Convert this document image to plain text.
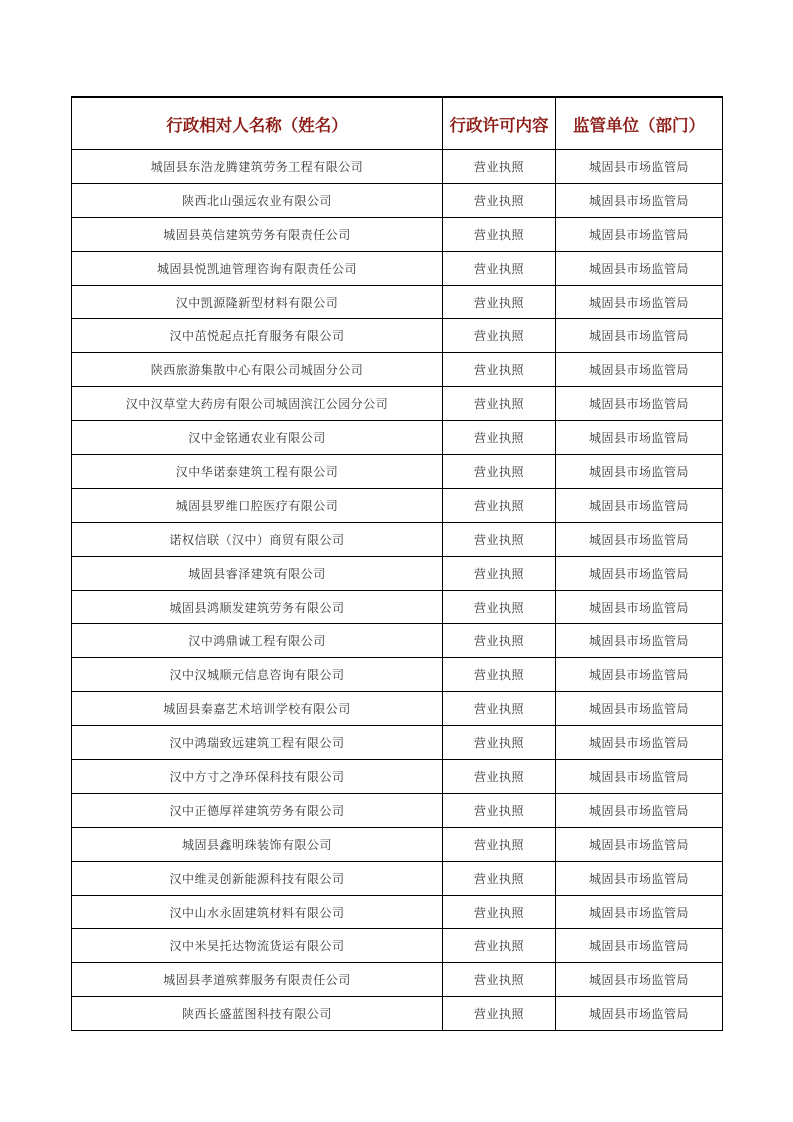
行政相对人名称（姓名）	行政许可内容	监管单位（部门）
城固县东浩龙腾建筑劳务工程有限公司	营业执照	城固县市场监管局
陕西北山强远农业有限公司	营业执照	城固县市场监管局
城固县英信建筑劳务有限责任公司	营业执照	城固县市场监管局
城固县悦凯迪管理咨询有限责任公司	营业执照	城固县市场监管局
汉中凯源隆新型材料有限公司	营业执照	城固县市场监管局
汉中茁悦起点托育服务有限公司	营业执照	城固县市场监管局
陕西旅游集散中心有限公司城固分公司	营业执照	城固县市场监管局
汉中汉草堂大药房有限公司城固滨江公园分公司	营业执照	城固县市场监管局
汉中金铭通农业有限公司	营业执照	城固县市场监管局
汉中华诺泰建筑工程有限公司	营业执照	城固县市场监管局
城固县罗维口腔医疗有限公司	营业执照	城固县市场监管局
诺权信联（汉中）商贸有限公司	营业执照	城固县市场监管局
城固县睿泽建筑有限公司	营业执照	城固县市场监管局
城固县鸿顺发建筑劳务有限公司	营业执照	城固县市场监管局
汉中鸿鼎诚工程有限公司	营业执照	城固县市场监管局
汉中汉城顺元信息咨询有限公司	营业执照	城固县市场监管局
城固县秦嘉艺术培训学校有限公司	营业执照	城固县市场监管局
汉中鸿瑞致远建筑工程有限公司	营业执照	城固县市场监管局
汉中方寸之净环保科技有限公司	营业执照	城固县市场监管局
汉中正德厚祥建筑劳务有限公司	营业执照	城固县市场监管局
城固县鑫明珠装饰有限公司	营业执照	城固县市场监管局
汉中维灵创新能源科技有限公司	营业执照	城固县市场监管局
汉中山水永固建筑材料有限公司	营业执照	城固县市场监管局
汉中米昊托达物流货运有限公司	营业执照	城固县市场监管局
城固县孝道殡葬服务有限责任公司	营业执照	城固县市场监管局
陕西长盛蓝图科技有限公司	营业执照	城固县市场监管局
